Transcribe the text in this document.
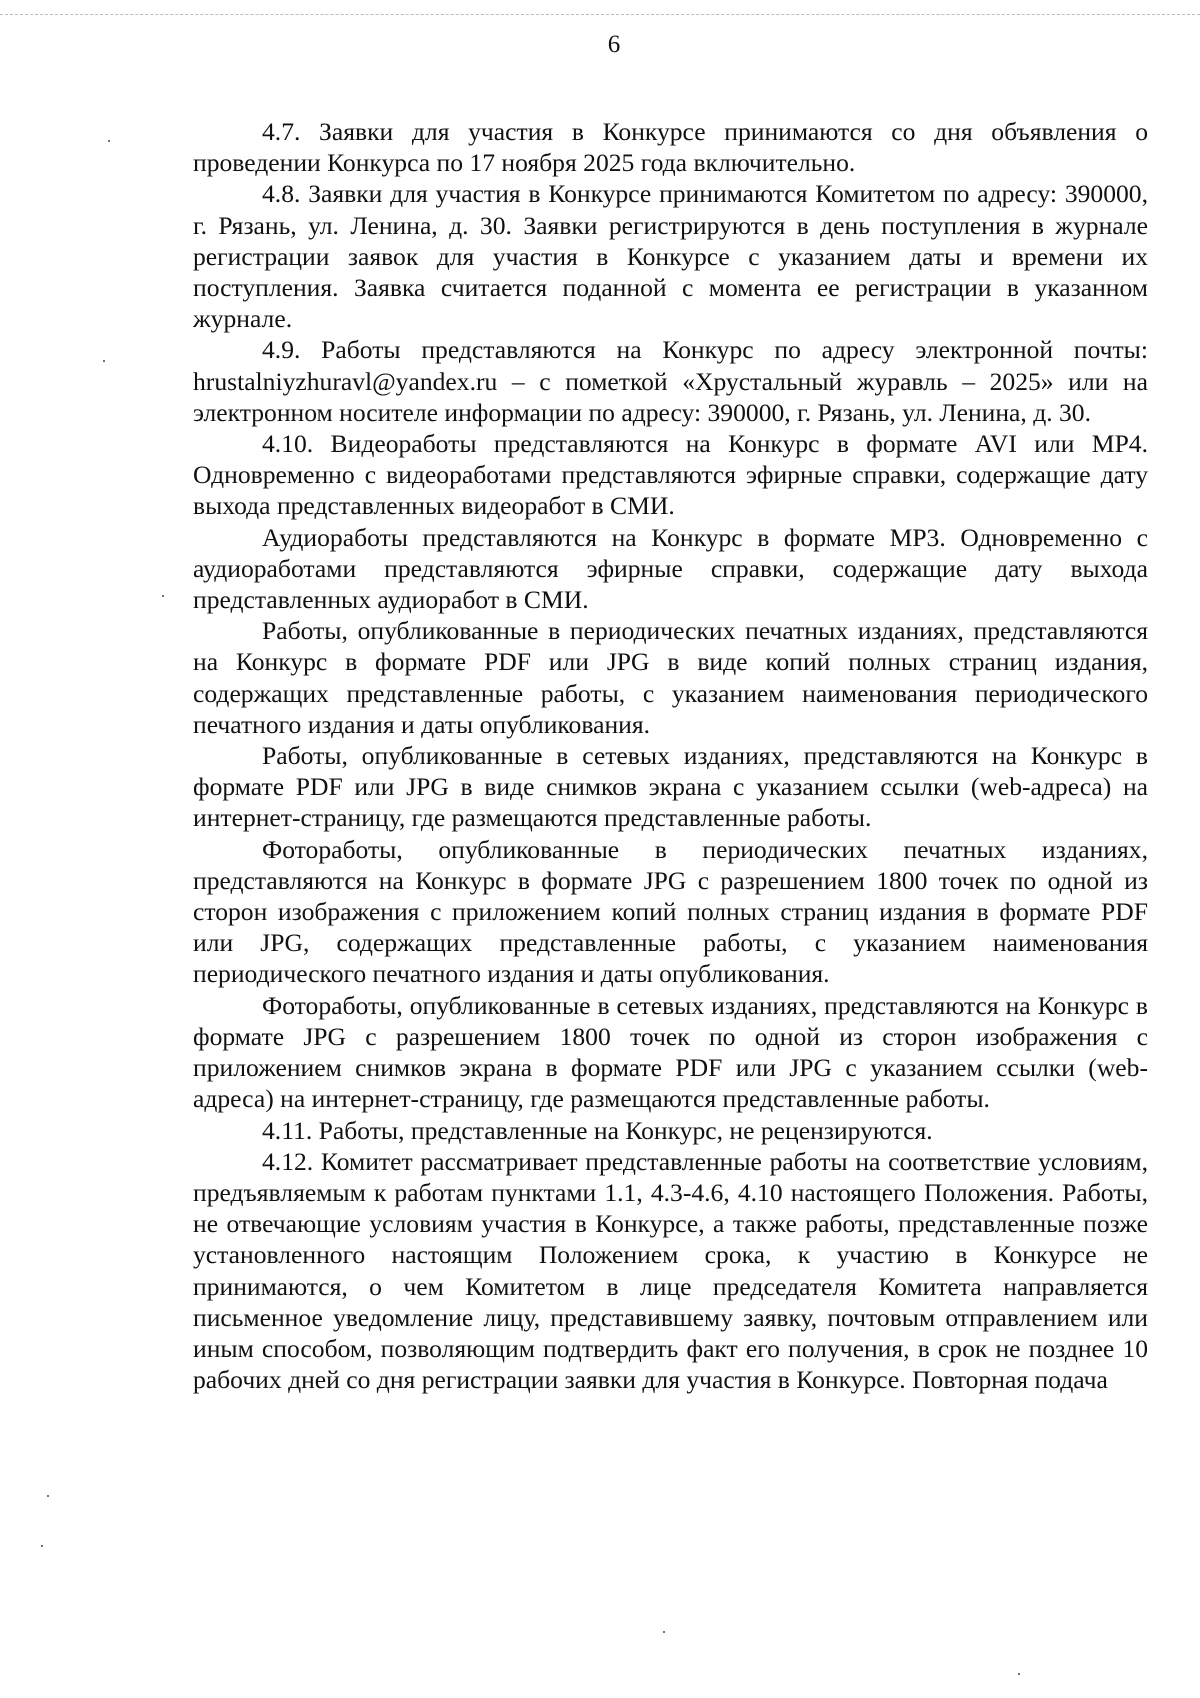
6

4.7. Заявки для участия в Конкурсе принимаются со дня объявления о проведении Конкурса по 17 ноября 2025 года включительно.

4.8. Заявки для участия в Конкурсе принимаются Комитетом по адресу: 390000, г. Рязань, ул. Ленина, д. 30. Заявки регистрируются в день поступления в журнале регистрации заявок для участия в Конкурсе с указанием даты и времени их поступления. Заявка считается поданной с момента ее регистрации в указанном журнале.

4.9. Работы представляются на Конкурс по адресу электронной почты: hrustalniyzhuravl@yandex.ru – с пометкой «Хрустальный журавль – 2025» или на электронном носителе информации по адресу: 390000, г. Рязань, ул. Ленина, д. 30.

4.10. Видеоработы представляются на Конкурс в формате AVI или MP4. Одновременно с видеоработами представляются эфирные справки, содержащие дату выхода представленных видеоработ в СМИ.

Аудиоработы представляются на Конкурс в формате MP3. Одновременно с аудиоработами представляются эфирные справки, содержащие дату выхода представленных аудиоработ в СМИ.

Работы, опубликованные в периодических печатных изданиях, представляются на Конкурс в формате PDF или JPG в виде копий полных страниц издания, содержащих представленные работы, с указанием наименования периодического печатного издания и даты опубликования.

Работы, опубликованные в сетевых изданиях, представляются на Конкурс в формате PDF или JPG в виде снимков экрана с указанием ссылки (web-адреса) на интернет-страницу, где размещаются представленные работы.

Фотоработы, опубликованные в периодических печатных изданиях, представляются на Конкурс в формате JPG с разрешением 1800 точек по одной из сторон изображения с приложением копий полных страниц издания в формате PDF или JPG, содержащих представленные работы, с указанием наименования периодического печатного издания и даты опубликования.

Фотоработы, опубликованные в сетевых изданиях, представляются на Конкурс в формате JPG с разрешением 1800 точек по одной из сторон изображения с приложением снимков экрана в формате PDF или JPG с указанием ссылки (web-адреса) на интернет-страницу, где размещаются представленные работы.

4.11. Работы, представленные на Конкурс, не рецензируются.

4.12. Комитет рассматривает представленные работы на соответствие условиям, предъявляемым к работам пунктами 1.1, 4.3-4.6, 4.10 настоящего Положения. Работы, не отвечающие условиям участия в Конкурсе, а также работы, представленные позже установленного настоящим Положением срока, к участию в Конкурсе не принимаются, о чем Комитетом в лице председателя Комитета направляется письменное уведомление лицу, представившему заявку, почтовым отправлением или иным способом, позволяющим подтвердить факт его получения, в срок не позднее 10 рабочих дней со дня регистрации заявки для участия в Конкурсе. Повторная подача
